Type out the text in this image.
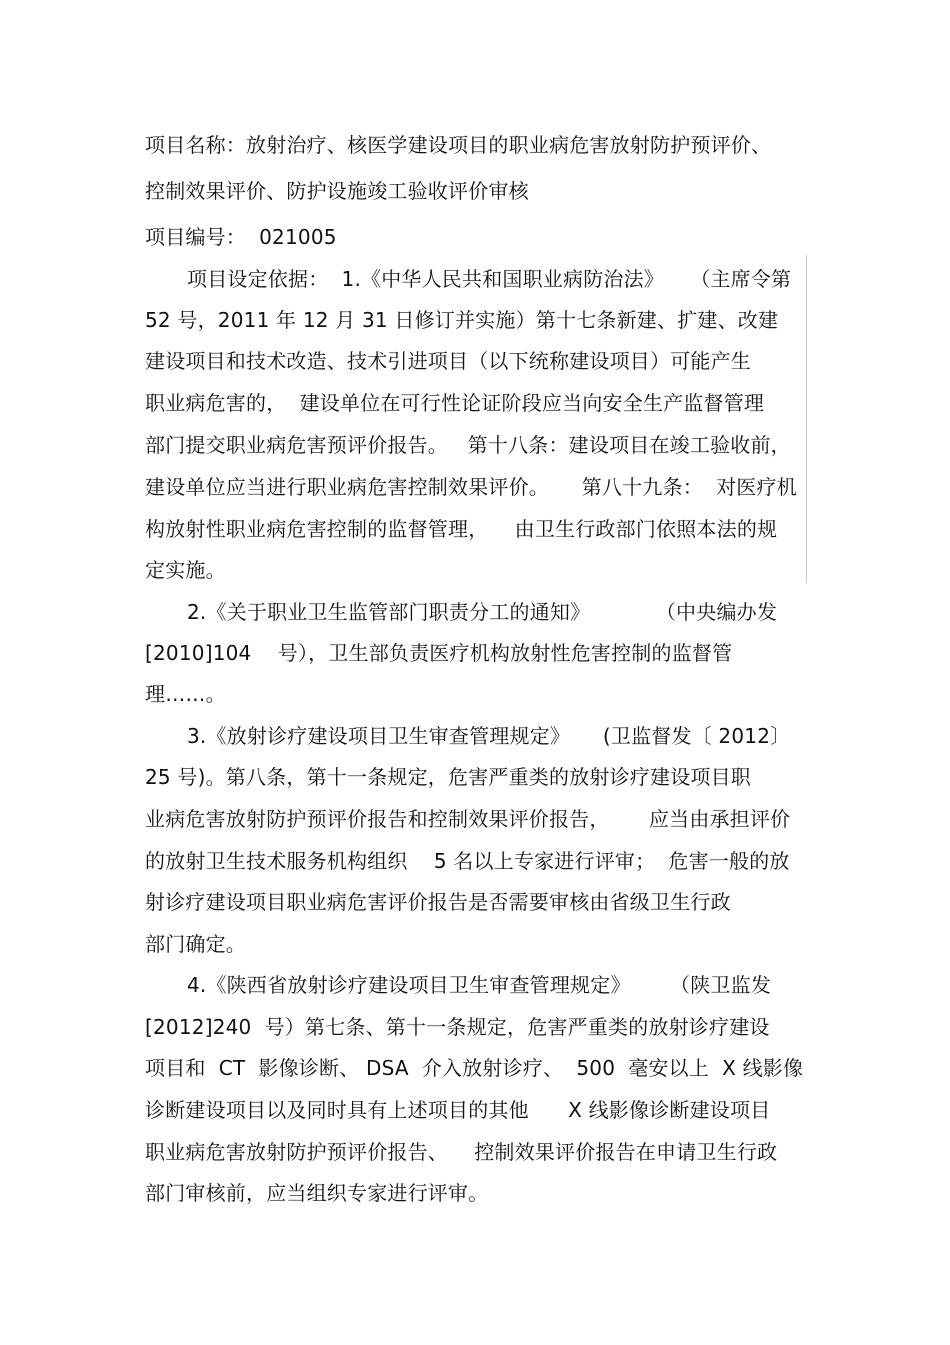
项目名称：放射治疗、核医学建设项目的职业病危害放射防护预评价、
控制效果评价、防护设施竣工验收评价审核
项目编号：  021005
项目设定依据：  1.《中华人民共和国职业病防治法》    （主席令第
52 号，2011 年 12 月 31 日修订并实施）第十七条新建、扩建、改建
建设项目和技术改造、技术引进项目（以下统称建设项目）可能产生
职业病危害的，  建设单位在可行性论证阶段应当向安全生产监督管理
部门提交职业病危害预评价报告。   第十八条：建设项目在竣工验收前，
建设单位应当进行职业病危害控制效果评价。     第八十九条：  对医疗机
构放射性职业病危害控制的监督管理，    由卫生行政部门依照本法的规
定实施。
2.《关于职业卫生监管部门职责分工的通知》          （中央编办发
[2010]104    号），卫生部负责医疗机构放射性危害控制的监督管
理……。
3.《放射诊疗建设项目卫生审查管理规定》     (卫监督发〔 2012〕
25 号)。第八条，第十一条规定，危害严重类的放射诊疗建设项目职
业病危害放射防护预评价报告和控制效果评价报告，      应当由承担评价
的放射卫生技术服务机构组织    5 名以上专家进行评审；  危害一般的放
射诊疗建设项目职业病危害评价报告是否需要审核由省级卫生行政
部门确定。
4.《陕西省放射诊疗建设项目卫生审查管理规定》      （陕卫监发
[2012]240  号）第七条、第十一条规定，危害严重类的放射诊疗建设
项目和  CT  影像诊断、 DSA  介入放射诊疗、  500  毫安以上  X 线影像
诊断建设项目以及同时具有上述项目的其他      X 线影像诊断建设项目
职业病危害放射防护预评价报告、    控制效果评价报告在申请卫生行政
部门审核前，应当组织专家进行评审。
